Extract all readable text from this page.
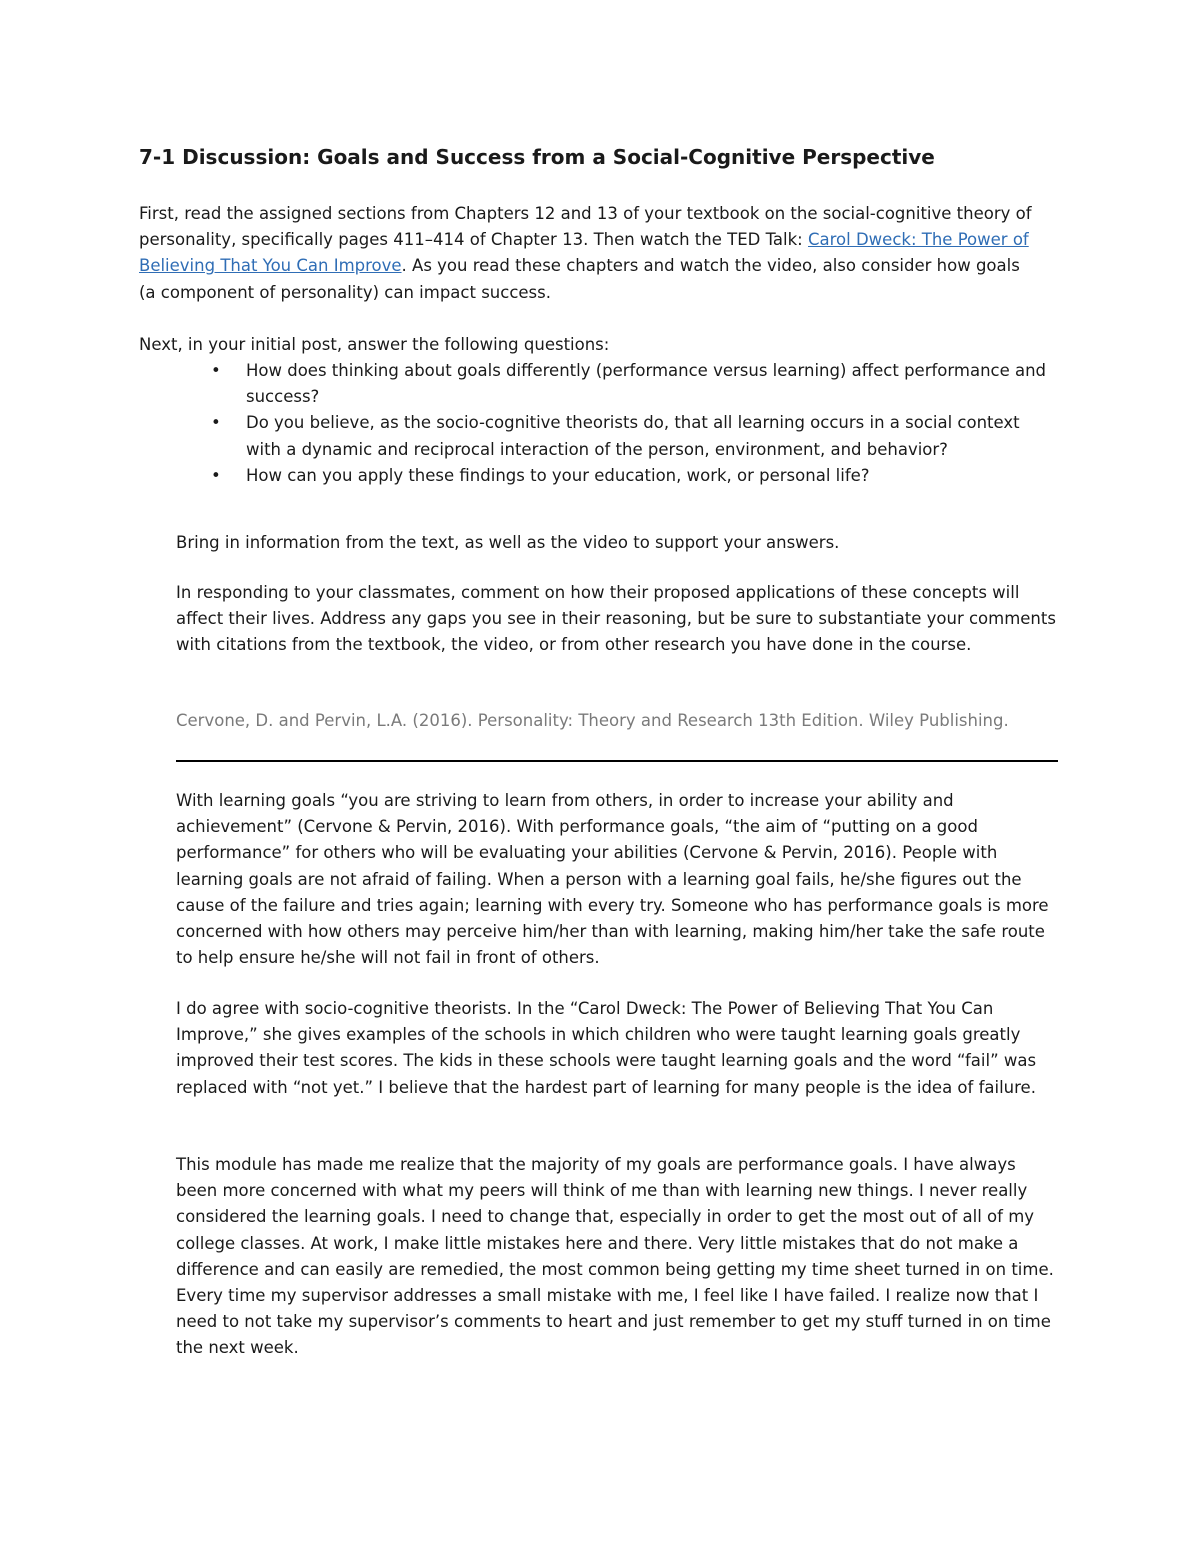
7-1 Discussion: Goals and Success from a Social-Cognitive Perspective

First, read the assigned sections from Chapters 12 and 13 of your textbook on the social-cognitive theory of personality, specifically pages 411–414 of Chapter 13. Then watch the TED Talk: Carol Dweck: The Power of Believing That You Can Improve. As you read these chapters and watch the video, also consider how goals (a component of personality) can impact success.

Next, in your initial post, answer the following questions:

• How does thinking about goals differently (performance versus learning) affect performance and success?
• Do you believe, as the socio-cognitive theorists do, that all learning occurs in a social context with a dynamic and reciprocal interaction of the person, environment, and behavior?
• How can you apply these findings to your education, work, or personal life?

Bring in information from the text, as well as the video to support your answers.

In responding to your classmates, comment on how their proposed applications of these concepts will affect their lives. Address any gaps you see in their reasoning, but be sure to substantiate your comments with citations from the textbook, the video, or from other research you have done in the course.

Cervone, D. and Pervin, L.A. (2016). Personality: Theory and Research 13th Edition. Wiley Publishing.

With learning goals “you are striving to learn from others, in order to increase your ability and achievement” (Cervone & Pervin, 2016). With performance goals, “the aim of “putting on a good performance” for others who will be evaluating your abilities (Cervone & Pervin, 2016). People with learning goals are not afraid of failing. When a person with a learning goal fails, he/she figures out the cause of the failure and tries again; learning with every try. Someone who has performance goals is more concerned with how others may perceive him/her than with learning, making him/her take the safe route to help ensure he/she will not fail in front of others.

I do agree with socio-cognitive theorists. In the “Carol Dweck: The Power of Believing That You Can Improve,” she gives examples of the schools in which children who were taught learning goals greatly improved their test scores. The kids in these schools were taught learning goals and the word “fail” was replaced with “not yet.” I believe that the hardest part of learning for many people is the idea of failure.

This module has made me realize that the majority of my goals are performance goals. I have always been more concerned with what my peers will think of me than with learning new things. I never really considered the learning goals. I need to change that, especially in order to get the most out of all of my college classes. At work, I make little mistakes here and there. Very little mistakes that do not make a difference and can easily are remedied, the most common being getting my time sheet turned in on time. Every time my supervisor addresses a small mistake with me, I feel like I have failed. I realize now that I need to not take my supervisor’s comments to heart and just remember to get my stuff turned in on time the next week.
